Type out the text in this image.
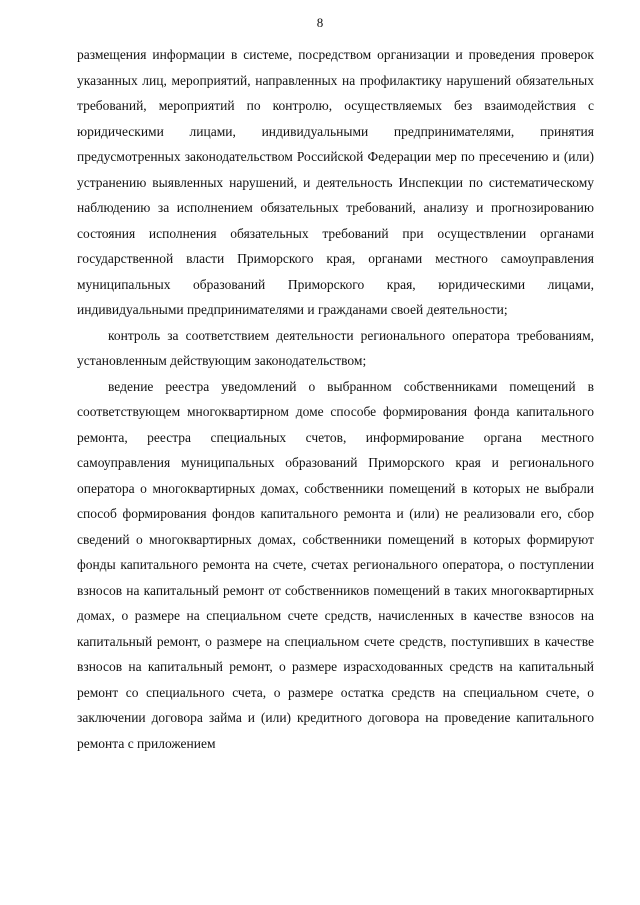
8

размещения информации в системе, посредством организации и проведения проверок указанных лиц, мероприятий, направленных на профилактику нарушений обязательных требований, мероприятий по контролю, осуществляемых без взаимодействия с юридическими лицами, индивидуальными предпринимателями, принятия предусмотренных законодательством Российской Федерации мер по пресечению и (или) устранению выявленных нарушений, и деятельность Инспекции по систематическому наблюдению за исполнением обязательных требований, анализу и прогнозированию состояния исполнения обязательных требований при осуществлении органами государственной власти Приморского края, органами местного самоуправления муниципальных образований Приморского края, юридическими лицами, индивидуальными предпринимателями и гражданами своей деятельности;

контроль за соответствием деятельности регионального оператора требованиям, установленным действующим законодательством;

ведение реестра уведомлений о выбранном собственниками помещений в соответствующем многоквартирном доме способе формирования фонда капитального ремонта, реестра специальных счетов, информирование органа местного самоуправления муниципальных образований Приморского края и регионального оператора о многоквартирных домах, собственники помещений в которых не выбрали способ формирования фондов капитального ремонта и (или) не реализовали его, сбор сведений о многоквартирных домах, собственники помещений в которых формируют фонды капитального ремонта на счете, счетах регионального оператора, о поступлении взносов на капитальный ремонт от собственников помещений в таких многоквартирных домах, о размере на специальном счете средств, начисленных в качестве взносов на капитальный ремонт, о размере на специальном счете средств, поступивших в качестве взносов на капитальный ремонт, о размере израсходованных средств на капитальный ремонт со специального счета, о размере остатка средств на специальном счете, о заключении договора займа и (или) кредитного договора на проведение капитального ремонта с приложением
